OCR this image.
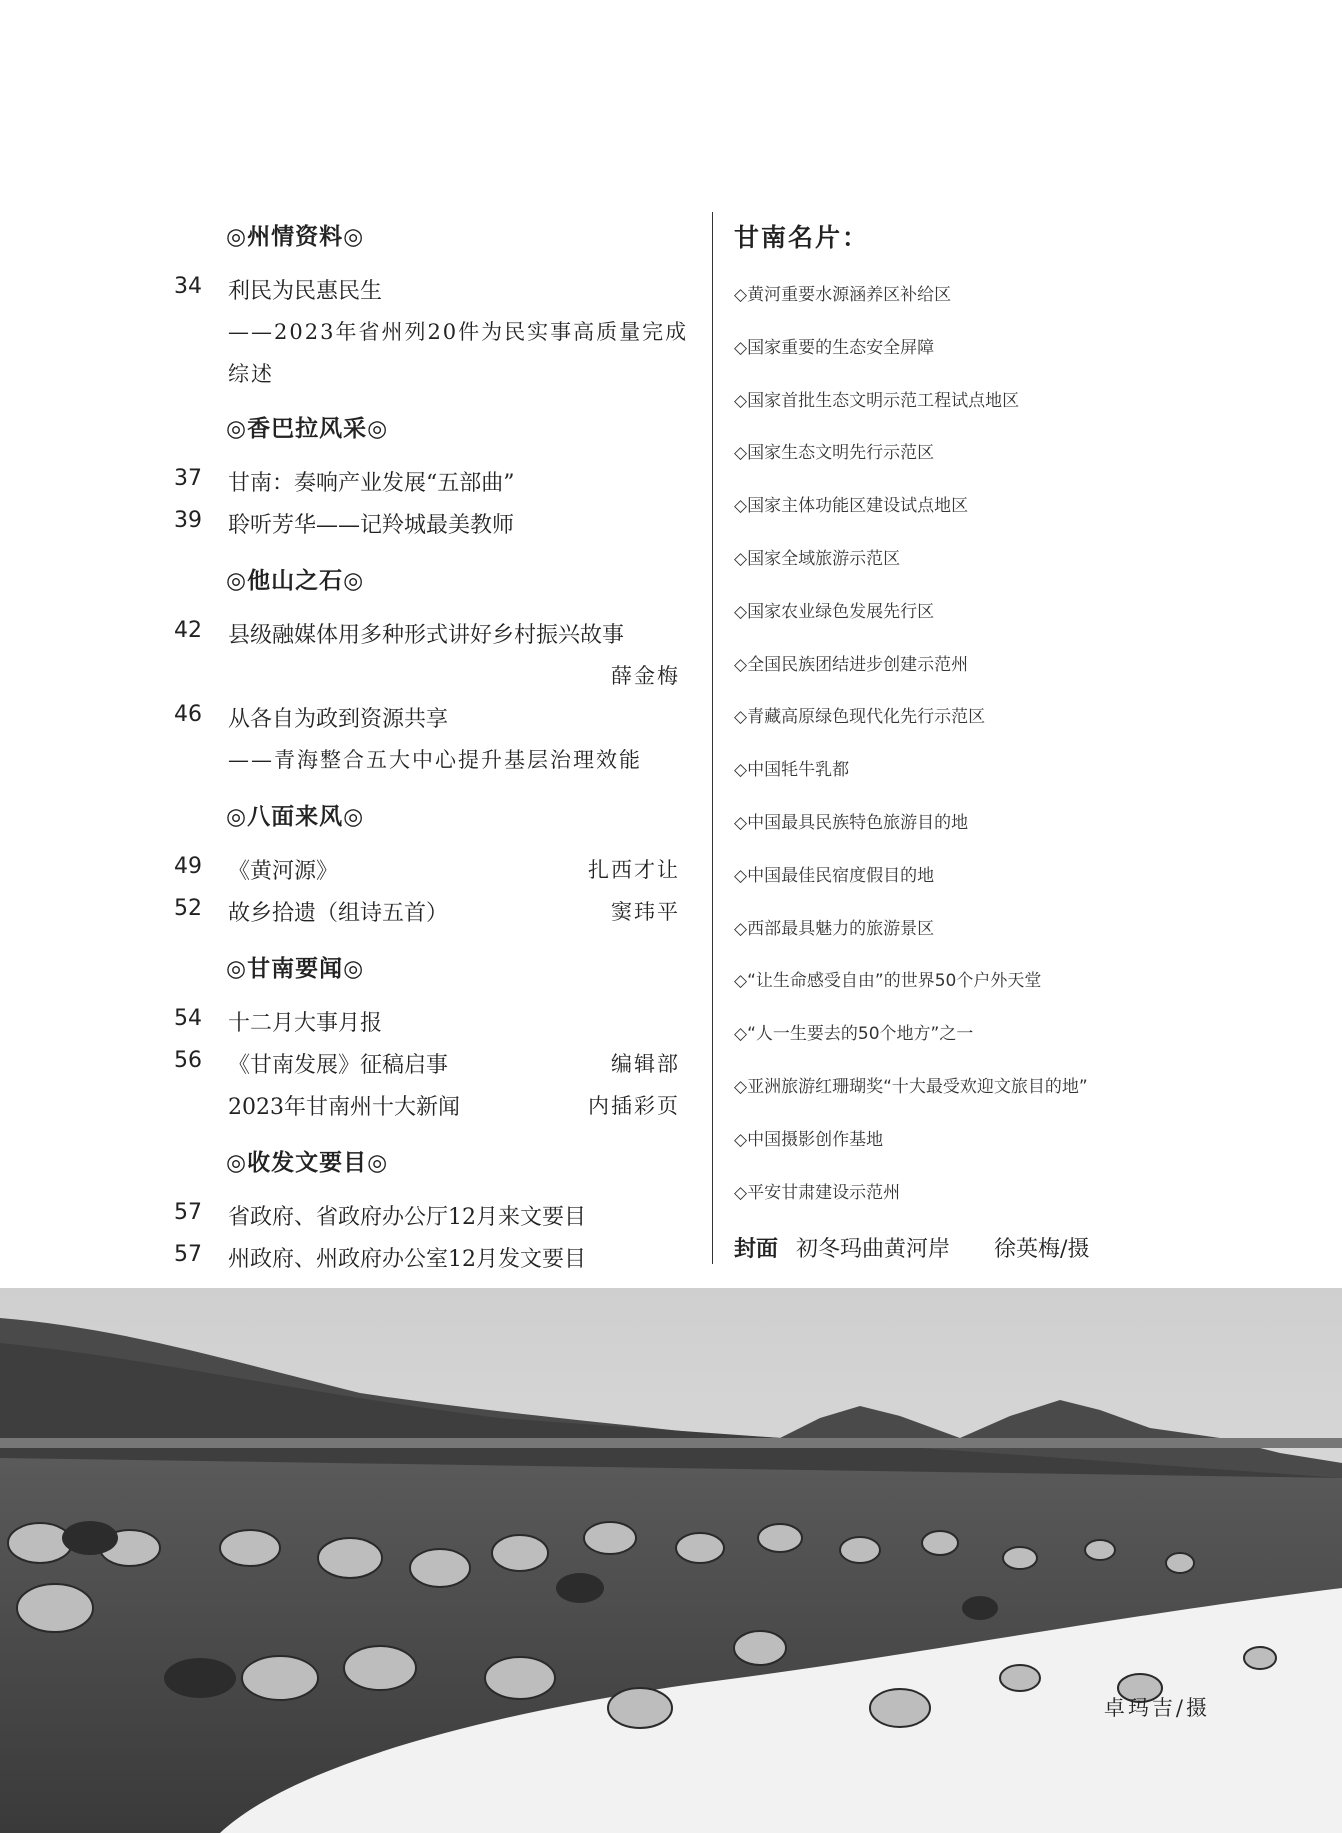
◎州情资料◎
34 利民为民惠民生
——2023年省州列20件为民实事高质量完成
综述
◎香巴拉风采◎
37 甘南：奏响产业发展“五部曲”
39 聆听芳华——记羚城最美教师
◎他山之石◎
42 县级融媒体用多种形式讲好乡村振兴故事
薛金梅
46 从各自为政到资源共享
——青海整合五大中心提升基层治理效能
◎八面来风◎
49 《黄河源》	扎西才让
52 故乡拾遗（组诗五首）	窦玮平
◎甘南要闻◎
54 十二月大事月报
56 《甘南发展》征稿启事	编辑部
2023年甘南州十大新闻	内插彩页
◎收发文要目◎
57 省政府、省政府办公厅12月来文要目
57 州政府、州政府办公室12月发文要目
甘南名片：
◇黄河重要水源涵养区补给区
◇国家重要的生态安全屏障
◇国家首批生态文明示范工程试点地区
◇国家生态文明先行示范区
◇国家主体功能区建设试点地区
◇国家全域旅游示范区
◇国家农业绿色发展先行区
◇全国民族团结进步创建示范州
◇青藏高原绿色现代化先行示范区
◇中国牦牛乳都
◇中国最具民族特色旅游目的地
◇中国最佳民宿度假目的地
◇西部最具魅力的旅游景区
◇“让生命感受自由”的世界50个户外天堂
◇“人一生要去的50个地方”之一
◇亚洲旅游红珊瑚奖“十大最受欢迎文旅目的地”
◇中国摄影创作基地
◇平安甘肃建设示范州
封面 初冬玛曲黄河岸 徐英梅/摄
卓玛吉/摄
